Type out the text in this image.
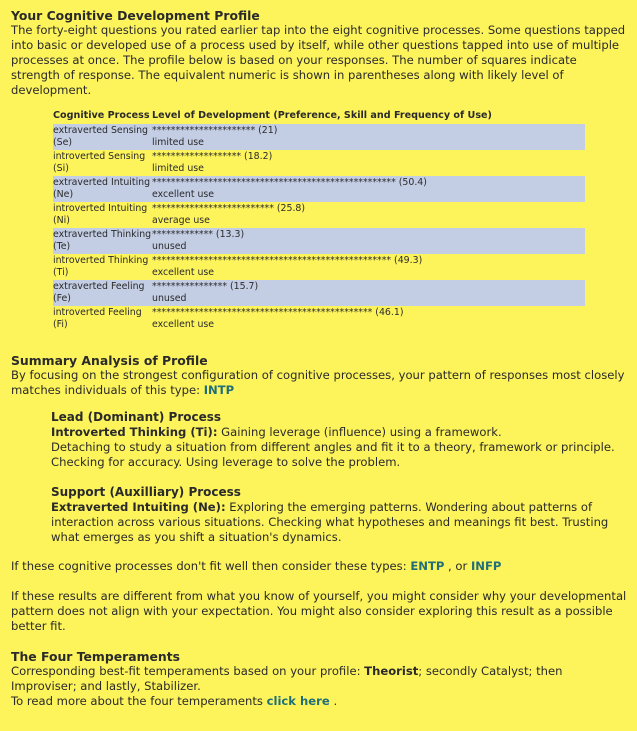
Your Cognitive Development Profile

The forty-eight questions you rated earlier tap into the eight cognitive processes. Some questions tapped into basic or developed use of a process used by itself, while other questions tapped into use of multiple processes at once. The profile below is based on your responses. The number of squares indicate strength of response. The equivalent numeric is shown in parentheses along with likely level of development.

Cognitive Process	Level of Development (Preference, Skill and Frequency of Use)
extraverted Sensing (Se)	********************** (21)
limited use

introverted Sensing (Si)	******************* (18.2)
limited use

extraverted Intuiting (Ne)	**************************************************** (50.4)
excellent use

introverted Intuiting (Ni)	************************** (25.8)
average use

extraverted Thinking (Te)	************* (13.3)
unused

introverted Thinking (Ti)	*************************************************** (49.3)
excellent use

extraverted Feeling (Fe)	**************** (15.7)
unused

introverted Feeling (Fi)	*********************************************** (46.1)
excellent use
Summary Analysis of Profile

By focusing on the strongest configuration of cognitive processes, your pattern of responses most closely matches individuals of this type: INTP

Lead (Dominant) Process
Introverted Thinking (Ti): Gaining leverage (influence) using a framework.
Detaching to study a situation from different angles and fit it to a theory, framework or principle. Checking for accuracy. Using leverage to solve the problem.
Support (Auxilliary) Process
Extraverted Intuiting (Ne): Exploring the emerging patterns. Wondering about patterns of interaction across various situations. Checking what hypotheses and meanings fit best. Trusting what emerges as you shift a situation's dynamics.

If these cognitive processes don't fit well then consider these types: ENTP , or INFP

If these results are different from what you know of yourself, you might consider why your developmental pattern does not align with your expectation. You might also consider exploring this result as a possible better fit.

The Four Temperaments

Corresponding best-fit temperaments based on your profile: Theorist; secondly Catalyst; then Improviser; and lastly, Stabilizer.

To read more about the four temperaments click here .
